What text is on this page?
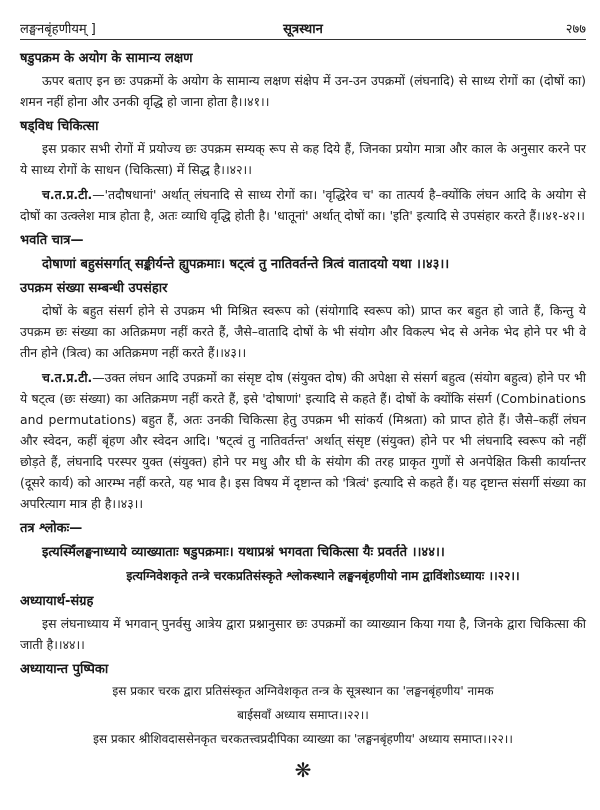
लङ्घनबृंहणीयम् ]	सूत्रस्थान	२७७
षडुपक्रम के अयोग के सामान्य लक्षण

ऊपर बताए इन छः उपक्रमों के अयोग के सामान्य लक्षण संक्षेप में उन-उन उपक्रमों (लंघनादि) से साध्य रोगों का (दोषों का) शमन नहीं होना और उनकी वृद्धि हो जाना होता है।।४१।।

षड्विध चिकित्सा

इस प्रकार सभी रोगों में प्रयोज्य छः उपक्रम सम्यक् रूप से कह दिये हैं, जिनका प्रयोग मात्रा और काल के अनुसार करने पर ये साध्य रोगों के साधन (चिकित्सा) में सिद्ध है।।४२।।

च.त.प्र.टी.—'तदौषधानां' अर्थात् लंघनादि से साध्य रोगों का। 'वृद्धिरेव च' का तात्पर्य है–क्योंकि लंघन आदि के अयोग से दोषों का उत्क्लेश मात्र होता है, अतः व्याधि वृद्धि होती है। 'धातूनां' अर्थात् दोषों का। 'इति' इत्यादि से उपसंहार करते हैं।।४१-४२।।

भवति चात्र—

दोषाणां बहुसंसर्गात् सङ्कीर्यन्ते ह्युपक्रमाः। षट्त्वं तु नातिवर्तन्ते त्रित्वं वातादयो यथा ।।४३।।

उपक्रम संख्या सम्बन्धी उपसंहार

दोषों के बहुत संसर्ग होने से उपक्रम भी मिश्रित स्वरूप को (संयोगादि स्वरूप को) प्राप्त कर बहुत हो जाते हैं, किन्तु ये उपक्रम छः संख्या का अतिक्रमण नहीं करते हैं, जैसे–वातादि दोषों के भी संयोग और विकल्प भेद से अनेक भेद होने पर भी वे तीन होने (त्रित्व) का अतिक्रमण नहीं करते हैं।।४३।।

च.त.प्र.टी.—उक्त लंघन आदि उपक्रमों का संसृष्ट दोष (संयुक्त दोष) की अपेक्षा से संसर्ग बहुत्व (संयोग बहुत्व) होने पर भी ये षट्त्व (छः संख्या) का अतिक्रमण नहीं करते हैं, इसे 'दोषाणां' इत्यादि से कहते हैं। दोषों के क्योंकि संसर्ग (Combinations and permutations) बहुत हैं, अतः उनकी चिकित्सा हेतु उपक्रम भी सांकर्य (मिश्रता) को प्राप्त होते हैं। जैसे–कहीं लंघन और स्वेदन, कहीं बृंहण और स्वेदन आदि। 'षट्त्वं तु नातिवर्तन्त' अर्थात् संसृष्ट (संयुक्त) होने पर भी लंघनादि स्वरूप को नहीं छोड़ते हैं, लंघनादि परस्पर युक्त (संयुक्त) होने पर मधु और घी के संयोग की तरह प्राकृत गुणों से अनपेक्षित किसी कार्यान्तर (दूसरे कार्य) को आरम्भ नहीं करते, यह भाव है। इस विषय में दृष्टान्त को 'त्रित्वं' इत्यादि से कहते हैं। यह दृष्टान्त संसर्गी संख्या का अपरित्याग मात्र ही है।।४३।।

तत्र श्लोकः—

इत्यस्मिँलङ्घनाध्याये व्याख्याताः षडुपक्रमाः। यथाप्रश्नं भगवता चिकित्सा यैः प्रवर्तते ।।४४।।

इत्यग्निवेशकृते तन्त्रे चरकप्रतिसंस्कृते श्लोकस्थाने लङ्घनबृंहणीयो नाम द्वाविंशोऽध्यायः ।।२२।।

अध्यायार्थ-संग्रह

इस लंघनाध्याय में भगवान् पुनर्वसु आत्रेय द्वारा प्रश्नानुसार छः उपक्रमों का व्याख्यान किया गया है, जिनके द्वारा चिकित्सा की जाती है।।४४।।

अध्यायान्त पुष्पिका

इस प्रकार चरक द्वारा प्रतिसंस्कृत अग्निवेशकृत तन्त्र के सूत्रस्थान का 'लङ्घनबृंहणीय' नामक

बाईसवाँ अध्याय समाप्त।।२२।।

इस प्रकार श्रीशिवदाससेनकृत चरकतत्त्वप्रदीपिका व्याख्या का 'लङ्घनबृंहणीय' अध्याय समाप्त।।२२।।

❋
